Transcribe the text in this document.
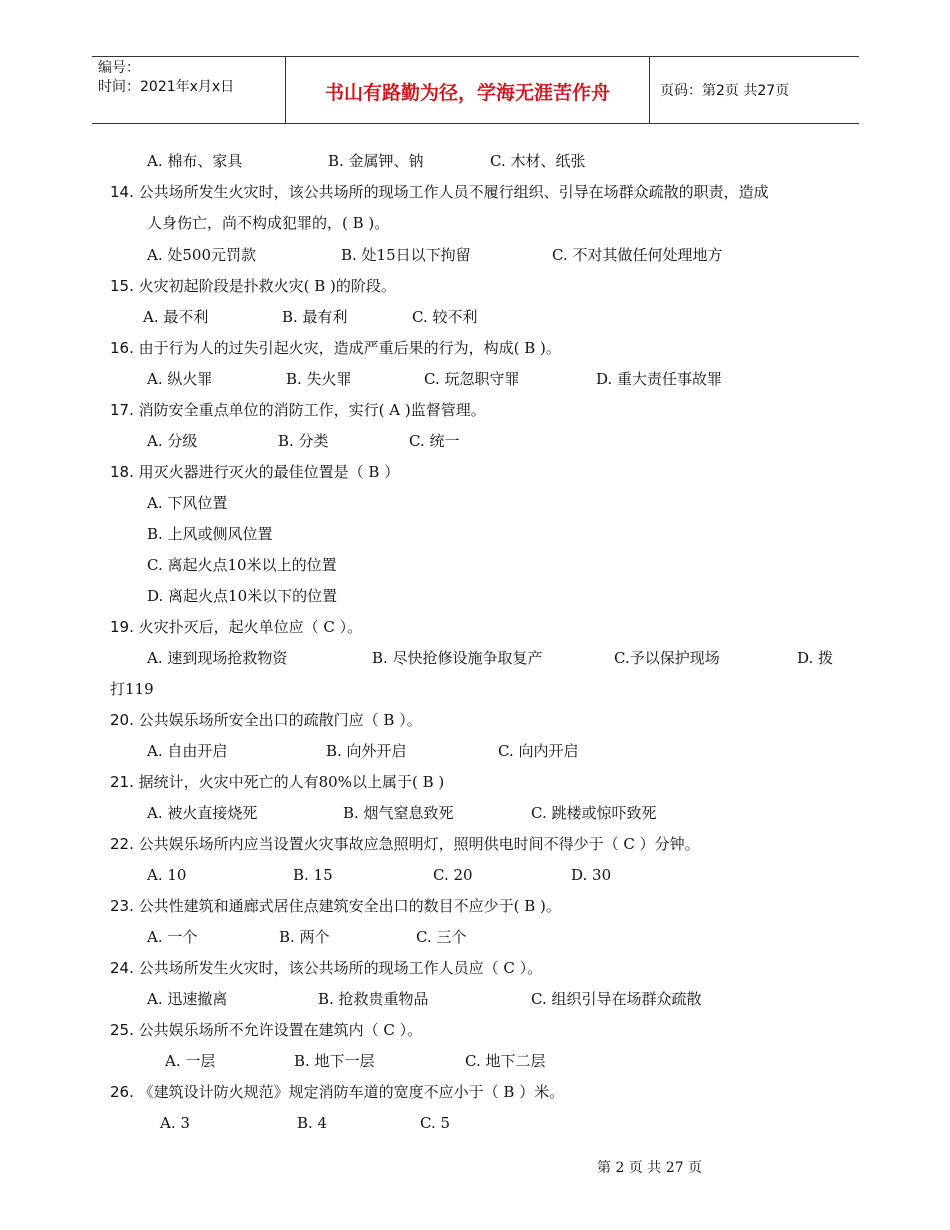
编号：
时间：2021年x月x日	书山有路勤为径，学海无涯苦作舟	页码：第2页 共27页
A. 棉布、家具	B. 金属钾、钠	C. 木材、纸张
14. 公共场所发生火灾时，该公共场所的现场工作人员不履行组织、引导在场群众疏散的职责，造成
人身伤亡，尚不构成犯罪的，( B )。
A. 处500元罚款	B. 处15日以下拘留	C. 不对其做任何处理地方
15. 火灾初起阶段是扑救火灾( B )的阶段。
A. 最不利	B. 最有利	C. 较不利
16. 由于行为人的过失引起火灾，造成严重后果的行为，构成( B )。
A. 纵火罪	B. 失火罪	C. 玩忽职守罪	D. 重大责任事故罪
17. 消防安全重点单位的消防工作，实行( A )监督管理。
A. 分级	B. 分类	C. 统一
18. 用灭火器进行灭火的最佳位置是（ B ）
A. 下风位置
B. 上风或侧风位置
C. 离起火点10米以上的位置
D. 离起火点10米以下的位置
19. 火灾扑灭后，起火单位应（ C ）。
A. 速到现场抢救物资	B. 尽快抢修设施争取复产	C.予以保护现场	D. 拨
打119
20. 公共娱乐场所安全出口的疏散门应（ B ）。
A. 自由开启	B. 向外开启	C. 向内开启
21. 据统计，火灾中死亡的人有80%以上属于( B )
A. 被火直接烧死	B. 烟气窒息致死	C. 跳楼或惊吓致死
22. 公共娱乐场所内应当设置火灾事故应急照明灯，照明供电时间不得少于（ C ）分钟。
A. 10	B. 15	C. 20	D. 30
23. 公共性建筑和通廊式居住点建筑安全出口的数目不应少于( B )。
A. 一个	B. 两个	C. 三个
24. 公共场所发生火灾时，该公共场所的现场工作人员应（ C ）。
A. 迅速撤离	B. 抢救贵重物品	C. 组织引导在场群众疏散
25. 公共娱乐场所不允许设置在建筑内（ C ）。
A. 一层	B. 地下一层	C. 地下二层
26. 《建筑设计防火规范》规定消防车道的宽度不应小于（ B ）米。
A. 3	B. 4	C. 5
第 2 页 共 27 页
